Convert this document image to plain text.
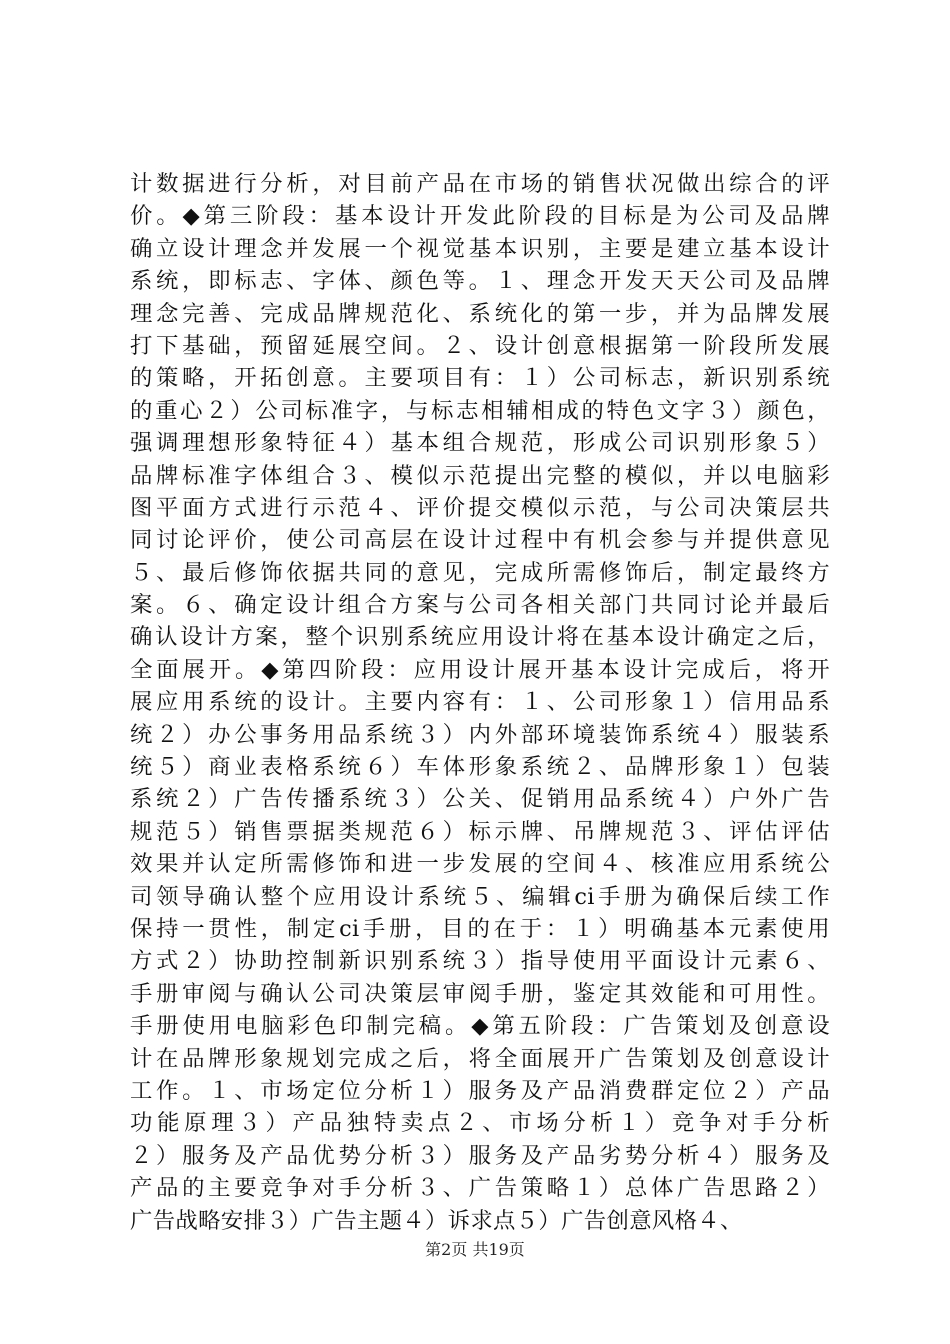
计数据进行分析，对目前产品在市场的销售状况做出综合的评
价。◆第三阶段：基本设计开发此阶段的目标是为公司及品牌
确立设计理念并发展一个视觉基本识别，主要是建立基本设计
系统，即标志、字体、颜色等。１、理念开发天天公司及品牌
理念完善、完成品牌规范化、系统化的第一步，并为品牌发展
打下基础，预留延展空间。２、设计创意根据第一阶段所发展
的策略，开拓创意。主要项目有：１）公司标志，新识别系统
的重心２）公司标准字，与标志相辅相成的特色文字３）颜色，
强调理想形象特征４）基本组合规范，形成公司识别形象５）
品牌标准字体组合３、模似示范提出完整的模似，并以电脑彩
图平面方式进行示范４、评价提交模似示范，与公司决策层共
同讨论评价，使公司高层在设计过程中有机会参与并提供意见
５、最后修饰依据共同的意见，完成所需修饰后，制定最终方
案。６、确定设计组合方案与公司各相关部门共同讨论并最后
确认设计方案，整个识别系统应用设计将在基本设计确定之后，
全面展开。◆第四阶段：应用设计展开基本设计完成后，将开
展应用系统的设计。主要内容有：１、公司形象１）信用品系
统２）办公事务用品系统３）内外部环境装饰系统４）服装系
统５）商业表格系统６）车体形象系统２、品牌形象１）包装
系统２）广告传播系统３）公关、促销用品系统４）户外广告
规范５）销售票据类规范６）标示牌、吊牌规范３、评估评估
效果并认定所需修饰和进一步发展的空间４、核准应用系统公
司领导确认整个应用设计系统５、编辑ci手册为确保后续工作
保持一贯性，制定ci手册，目的在于：１）明确基本元素使用
方式２）协助控制新识别系统３）指导使用平面设计元素６、
手册审阅与确认公司决策层审阅手册，鉴定其效能和可用性。
手册使用电脑彩色印制完稿。◆第五阶段：广告策划及创意设
计在品牌形象规划完成之后，将全面展开广告策划及创意设计
工作。１、市场定位分析１）服务及产品消费群定位２）产品
功能原理３）产品独特卖点２、市场分析１）竞争对手分析
２）服务及产品优势分析３）服务及产品劣势分析４）服务及
产品的主要竞争对手分析３、广告策略１）总体广告思路２）
广告战略安排３）广告主题４）诉求点５）广告创意风格４、
第2页 共19页
